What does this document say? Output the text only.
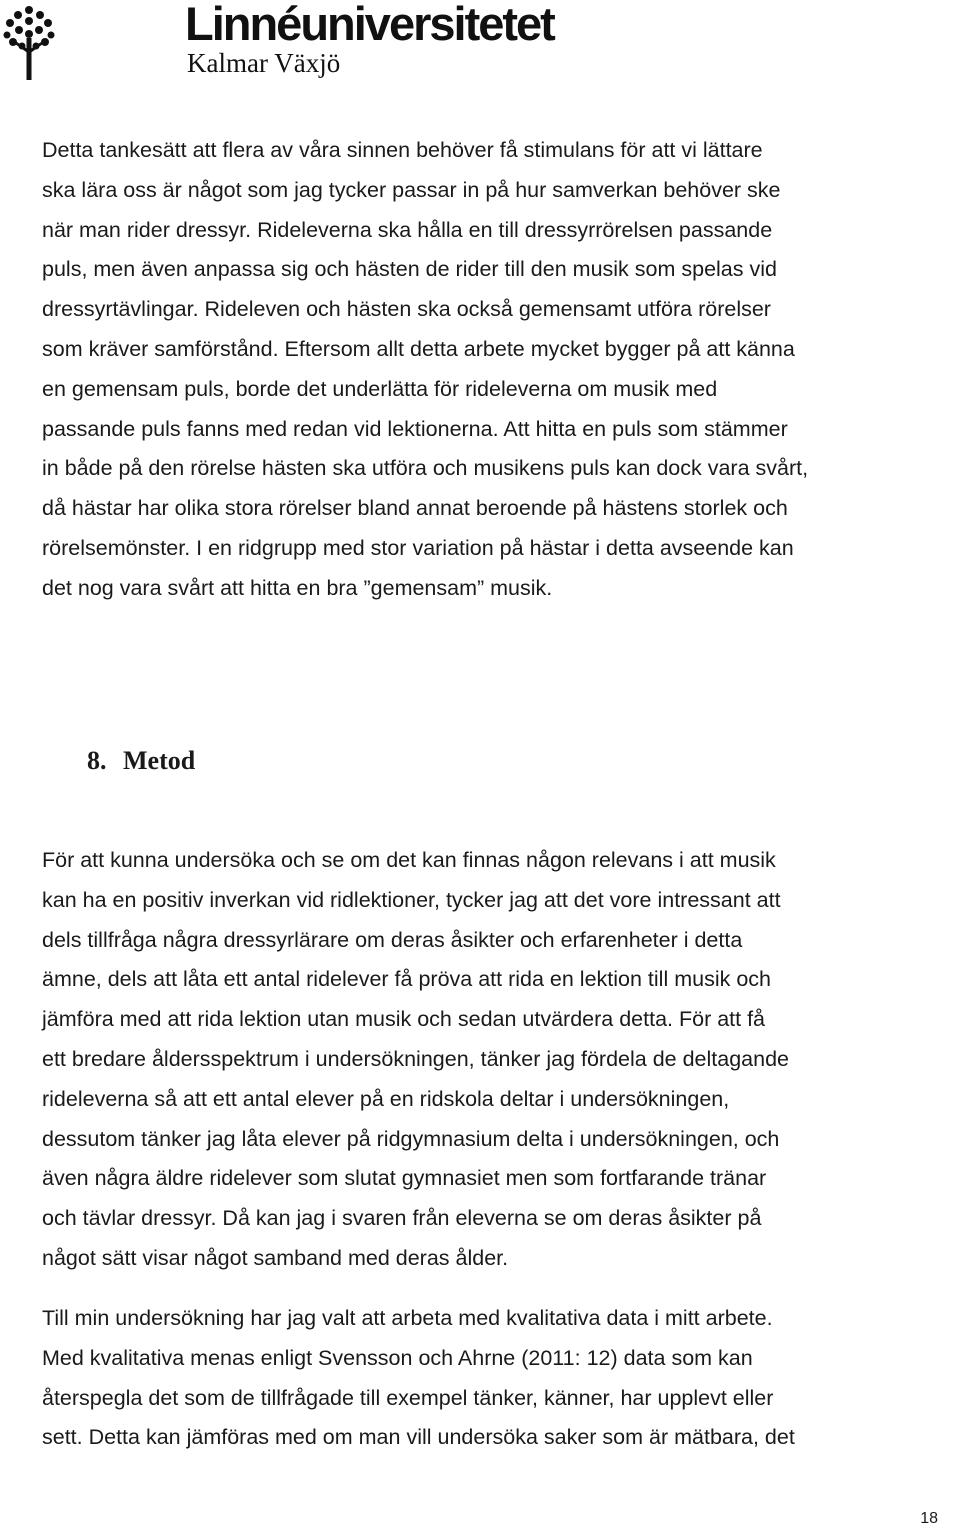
Linnéuniversitetet
Kalmar Växjö
Detta tankesätt att flera av våra sinnen behöver få stimulans för att vi lättare
ska lära oss är något som jag tycker passar in på hur samverkan behöver ske
när man rider dressyr. Rideleverna ska hålla en till dressyrrörelsen passande
puls, men även anpassa sig och hästen de rider till den musik som spelas vid
dressyrtävlingar. Rideleven och hästen ska också gemensamt utföra rörelser
som kräver samförstånd. Eftersom allt detta arbete mycket bygger på att känna
en gemensam puls, borde det underlätta för rideleverna om musik med
passande puls fanns med redan vid lektionerna. Att hitta en puls som stämmer
in både på den rörelse hästen ska utföra och musikens puls kan dock vara svårt,
då hästar har olika stora rörelser bland annat beroende på hästens storlek och
rörelsemönster. I en ridgrupp med stor variation på hästar i detta avseende kan
det nog vara svårt att hitta en bra ”gemensam” musik.
8. Metod
För att kunna undersöka och se om det kan finnas någon relevans i att musik
kan ha en positiv inverkan vid ridlektioner, tycker jag att det vore intressant att
dels tillfråga några dressyrlärare om deras åsikter och erfarenheter i detta
ämne, dels att låta ett antal ridelever få pröva att rida en lektion till musik och
jämföra med att rida lektion utan musik och sedan utvärdera detta. För att få
ett bredare åldersspektrum i undersökningen, tänker jag fördela de deltagande
rideleverna så att ett antal elever på en ridskola deltar i undersökningen,
dessutom tänker jag låta elever på ridgymnasium delta i undersökningen, och
även några äldre ridelever som slutat gymnasiet men som fortfarande tränar
och tävlar dressyr. Då kan jag i svaren från eleverna se om deras åsikter på
något sätt visar något samband med deras ålder.
Till min undersökning har jag valt att arbeta med kvalitativa data i mitt arbete.
Med kvalitativa menas enligt Svensson och Ahrne (2011: 12) data som kan
återspegla det som de tillfrågade till exempel tänker, känner, har upplevt eller
sett. Detta kan jämföras med om man vill undersöka saker som är mätbara, det
18
